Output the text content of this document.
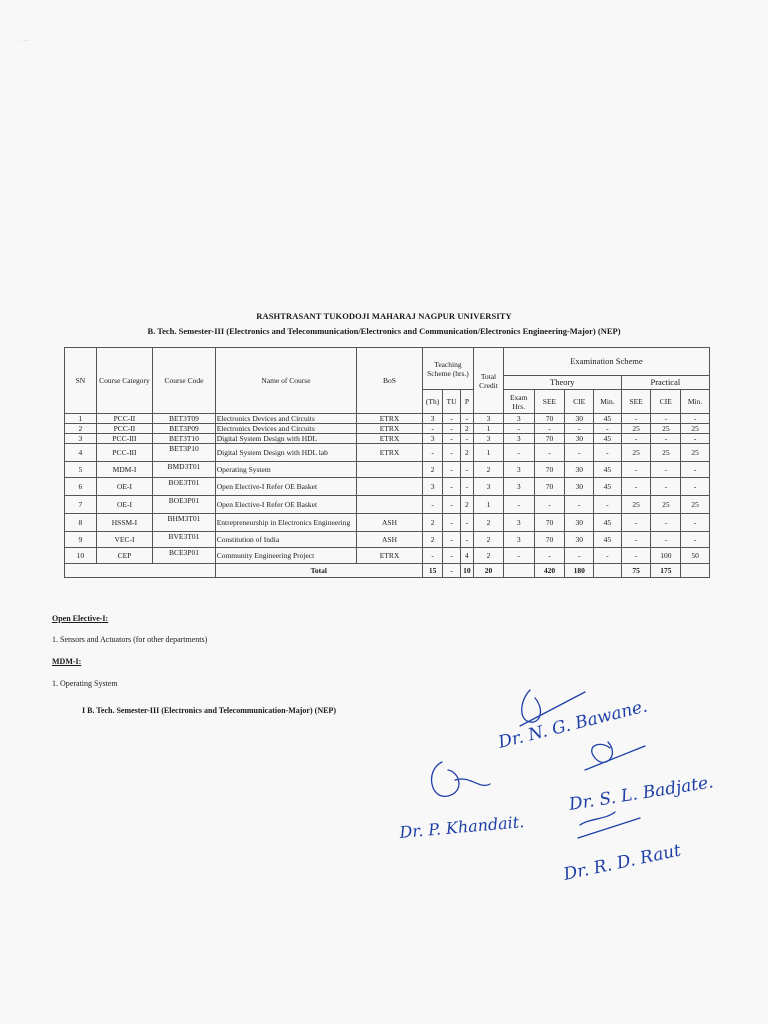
· · ·
RASHTRASANT TUKODOJI MAHARAJ NAGPUR UNIVERSITY
B. Tech. Semester-III (Electronics and Telecommunication/Electronics and Communication/Electronics Engineering-Major) (NEP)
SN	Course Category	Course Code	Name of Course	BoS	Teaching Scheme (hrs.)			Total Credit	Examination Scheme						
									Theory				Practical		
					(Th)	TU	P		Exam Hrs.	SEE	CIE	Min.	SEE	CIE	Min.
1	PCC-II	BET3T09	Electronics Devices and Circuits	ETRX	3	-	-	3	3	70	30	45	-	-	-
2	PCC-II	BET3P09	Electronics Devices and Circuits	ETRX	-	-	2	1	-	-	-	-	25	25	25
3	PCC-III	BET3T10	Digital System Design with HDL	ETRX	3	-	-	3	3	70	30	45	-	-	-
4	PCC-III	BET3P10	Digital System Design with HDL lab	ETRX	-	-	2	1	-	-	-	-	25	25	25
5	MDM-I	BMD3T01	Operating System		2	-	-	2	3	70	30	45	-	-	-
6	OE-I	BOE3T01	Open Elective-I Refer OE Basket		3	-	-	3	3	70	30	45	-	-	-
7	OE-I	BOE3P01	Open Elective-I Refer OE Basket		-	-	2	1	-	-	-	-	25	25	25
8	HSSM-I	BHM3T01	Entrepreneurship in Electronics Engineering	ASH	2	-	-	2	3	70	30	45	-	-	-
9	VEC-I	BVE3T01	Constitution of India	ASH	2	-	-	2	3	70	30	45	-	-	-
10	CEP	BCE3P01	Community Engineering Project	ETRX	-	-	4	2	-	-	-	-	-	100	50
			Total		15	-	10	20		420	180		75	175	
Open Elective-I:
1. Sensors and Actuators (for other departments)
MDM-I:
1. Operating System
I B. Tech. Semester-III (Electronics and Telecommunication-Major) (NEP)	Dr. N. G. Bawane.
Dr. S. L. Badjate.
Dr. P. Khandait.
Dr. R. D. Raut
